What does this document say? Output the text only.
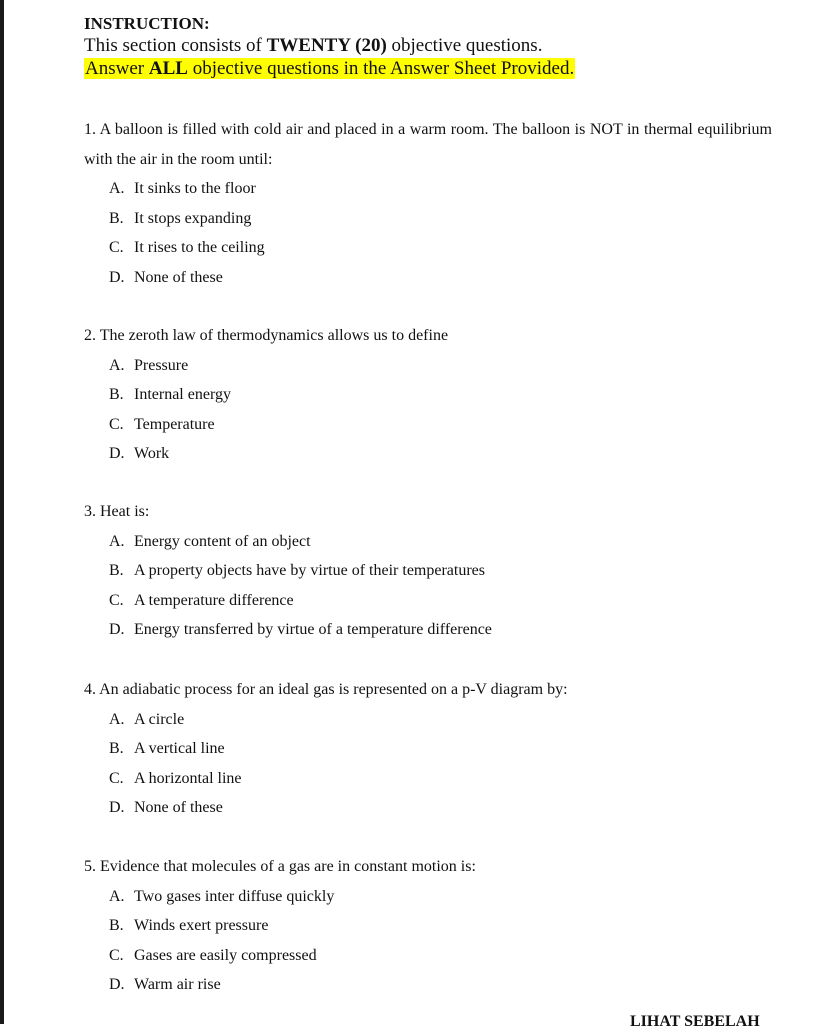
INSTRUCTION:
This section consists of TWENTY (20) objective questions.
Answer ALL objective questions in the Answer Sheet Provided.

1. A balloon is filled with cold air and placed in a warm room. The balloon is NOT in thermal equilibrium with the air in the room until:

A. It sinks to the floor
B. It stops expanding
C. It rises to the ceiling
D. None of these

2. The zeroth law of thermodynamics allows us to define

A. Pressure
B. Internal energy
C. Temperature
D. Work

3. Heat is:

A. Energy content of an object
B. A property objects have by virtue of their temperatures
C. A temperature difference
D. Energy transferred by virtue of a temperature difference

4. An adiabatic process for an ideal gas is represented on a p-V diagram by:

A. A circle
B. A vertical line
C. A horizontal line
D. None of these

5. Evidence that molecules of a gas are in constant motion is:

A. Two gases inter diffuse quickly
B. Winds exert pressure
C. Gases are easily compressed
D. Warm air rise
LIHAT SEBELAH
